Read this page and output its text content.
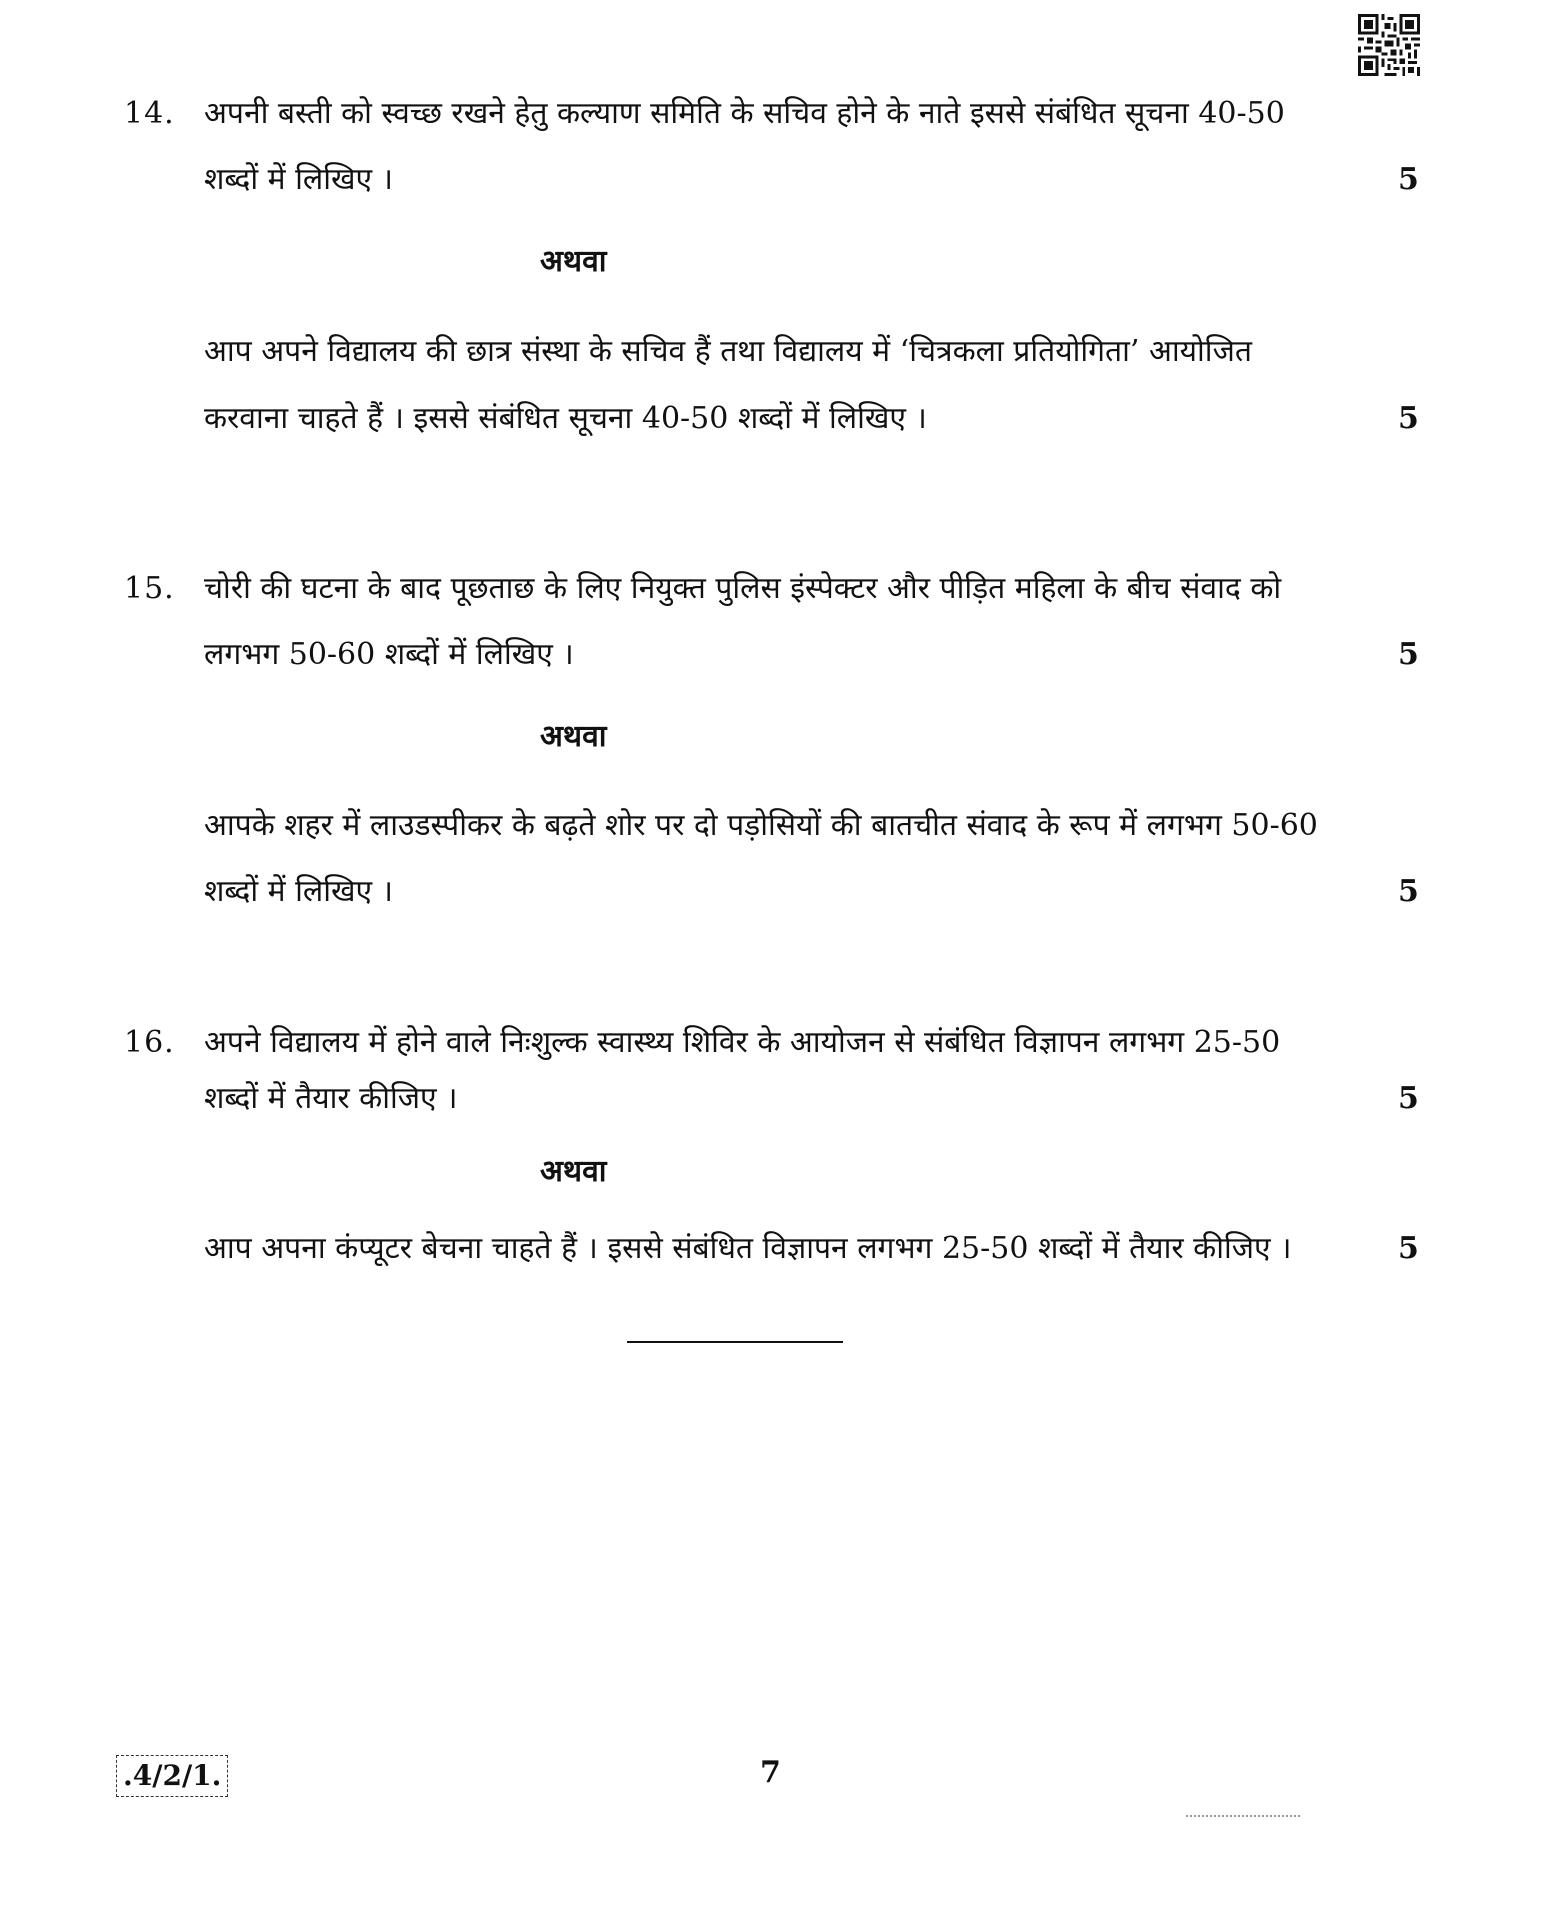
14. अपनी बस्ती को स्वच्छ रखने हेतु कल्याण समिति के सचिव होने के नाते इससे संबंधित सूचना 40-50
शब्दों में लिखिए ।	5
अथवा
आप अपने विद्यालय की छात्र संस्था के सचिव हैं तथा विद्यालय में ‘चित्रकला प्रतियोगिता’ आयोजित
करवाना चाहते हैं । इससे संबंधित सूचना 40-50 शब्दों में लिखिए ।	5
15. चोरी की घटना के बाद पूछताछ के लिए नियुक्त पुलिस इंस्पेक्टर और पीड़ित महिला के बीच संवाद को
लगभग 50-60 शब्दों में लिखिए ।	5
अथवा
आपके शहर में लाउडस्पीकर के बढ़ते शोर पर दो पड़ोसियों की बातचीत संवाद के रूप में लगभग 50-60
शब्दों में लिखिए ।	5
16. अपने विद्यालय में होने वाले निःशुल्क स्वास्थ्य शिविर के आयोजन से संबंधित विज्ञापन लगभग 25-50
शब्दों में तैयार कीजिए ।	5
अथवा
आप अपना कंप्यूटर बेचना चाहते हैं । इससे संबंधित विज्ञापन लगभग 25-50 शब्दों में तैयार कीजिए ।	5
.4/2/1.	7
